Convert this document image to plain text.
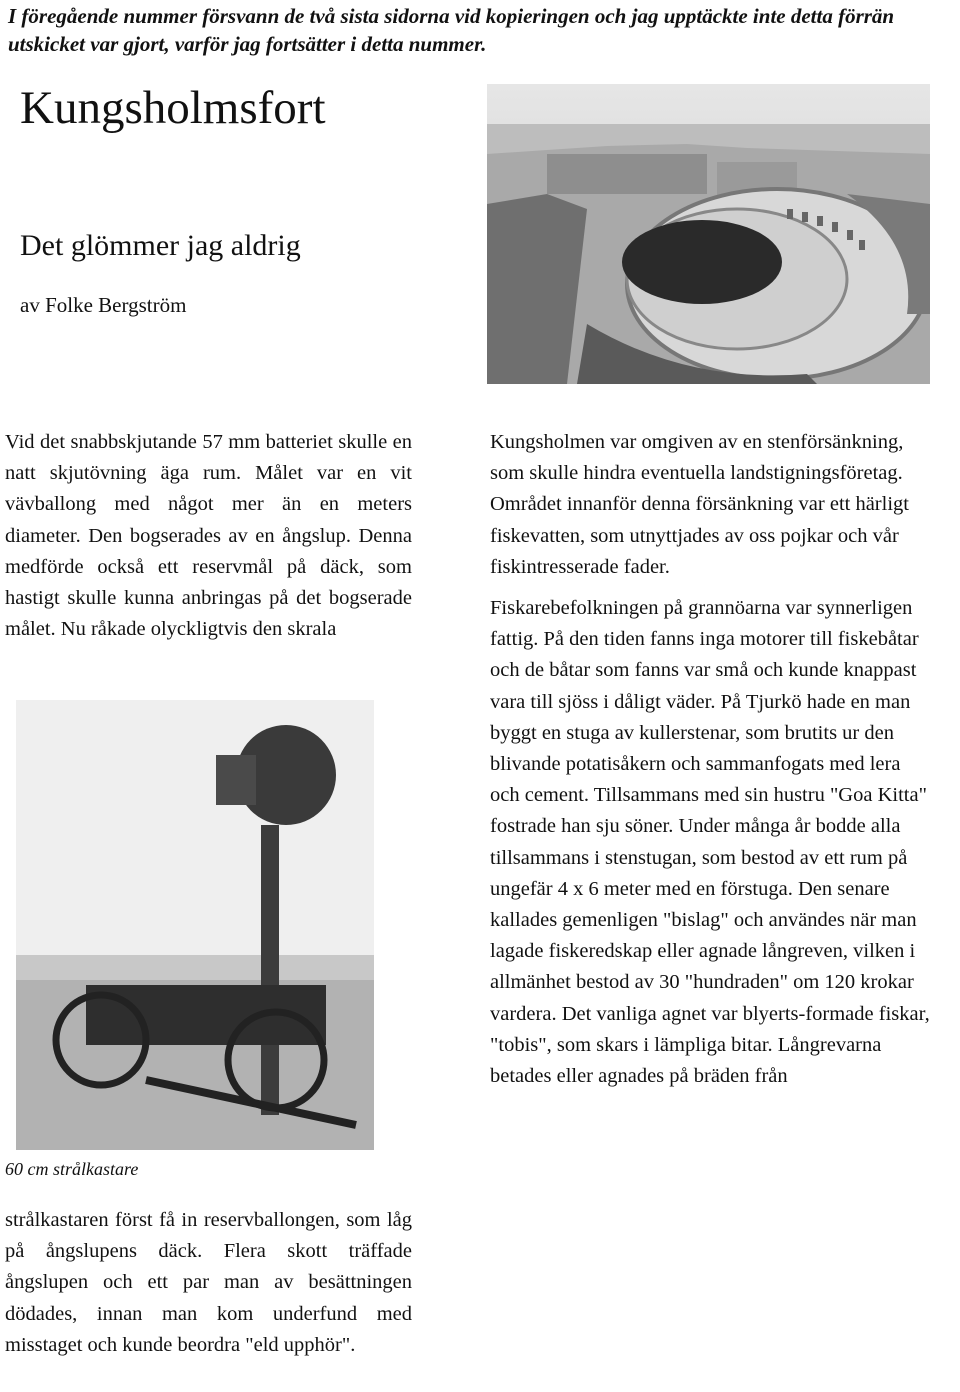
I föregående nummer försvann de två sista sidorna vid kopieringen och jag upptäckte inte detta förrän utskicket var gjort, varför jag fortsätter i detta nummer.
Kungsholmsfort
Det glömmer jag aldrig
av Folke Bergström
Vid det snabbskjutande 57 mm batteriet skulle en natt skjutövning äga rum. Målet var en vit vävballong med något mer än en meters diameter. Den bogserades av en ångslup. Denna medförde också ett reservmål på däck, som hastigt skulle kunna anbringas på det bogserade målet. Nu råkade olyckligtvis den skrala
60 cm strålkastare
strålkastaren först få in reservballongen, som låg på ångslupens däck. Flera skott träffade ångslupen och ett par man av besättningen dödades, innan man kom underfund med misstaget och kunde beordra "eld upphör".

Kungsholmen var omgiven av en stenförsänkning, som skulle hindra eventuella landstigningsföretag. Området innanför denna försänkning var ett härligt fiskevatten, som utnyttjades av oss pojkar och vår fiskintresserade fader.

Fiskarebefolkningen på grannöarna var synnerligen fattig. På den tiden fanns inga motorer till fiskebåtar och de båtar som fanns var små och kunde knappast vara till sjöss i dåligt väder. På Tjurkö hade en man byggt en stuga av kullerstenar, som brutits ur den blivande potatisåkern och sammanfogats med lera och cement. Tillsammans med sin hustru "Goa Kitta" fostrade han sju söner. Under många år bodde alla tillsammans i stenstugan, som bestod av ett rum på ungefär 4 x 6 meter med en förstuga. Den senare kallades gemenligen "bislag" och användes när man lagade fiskeredskap eller agnade långreven, vilken i allmänhet bestod av 30 "hundraden" om 120 krokar vardera. Det vanliga agnet var blyerts-formade fiskar, "tobis", som skars i lämpliga bitar. Långrevarna betades eller agnades på bräden från
